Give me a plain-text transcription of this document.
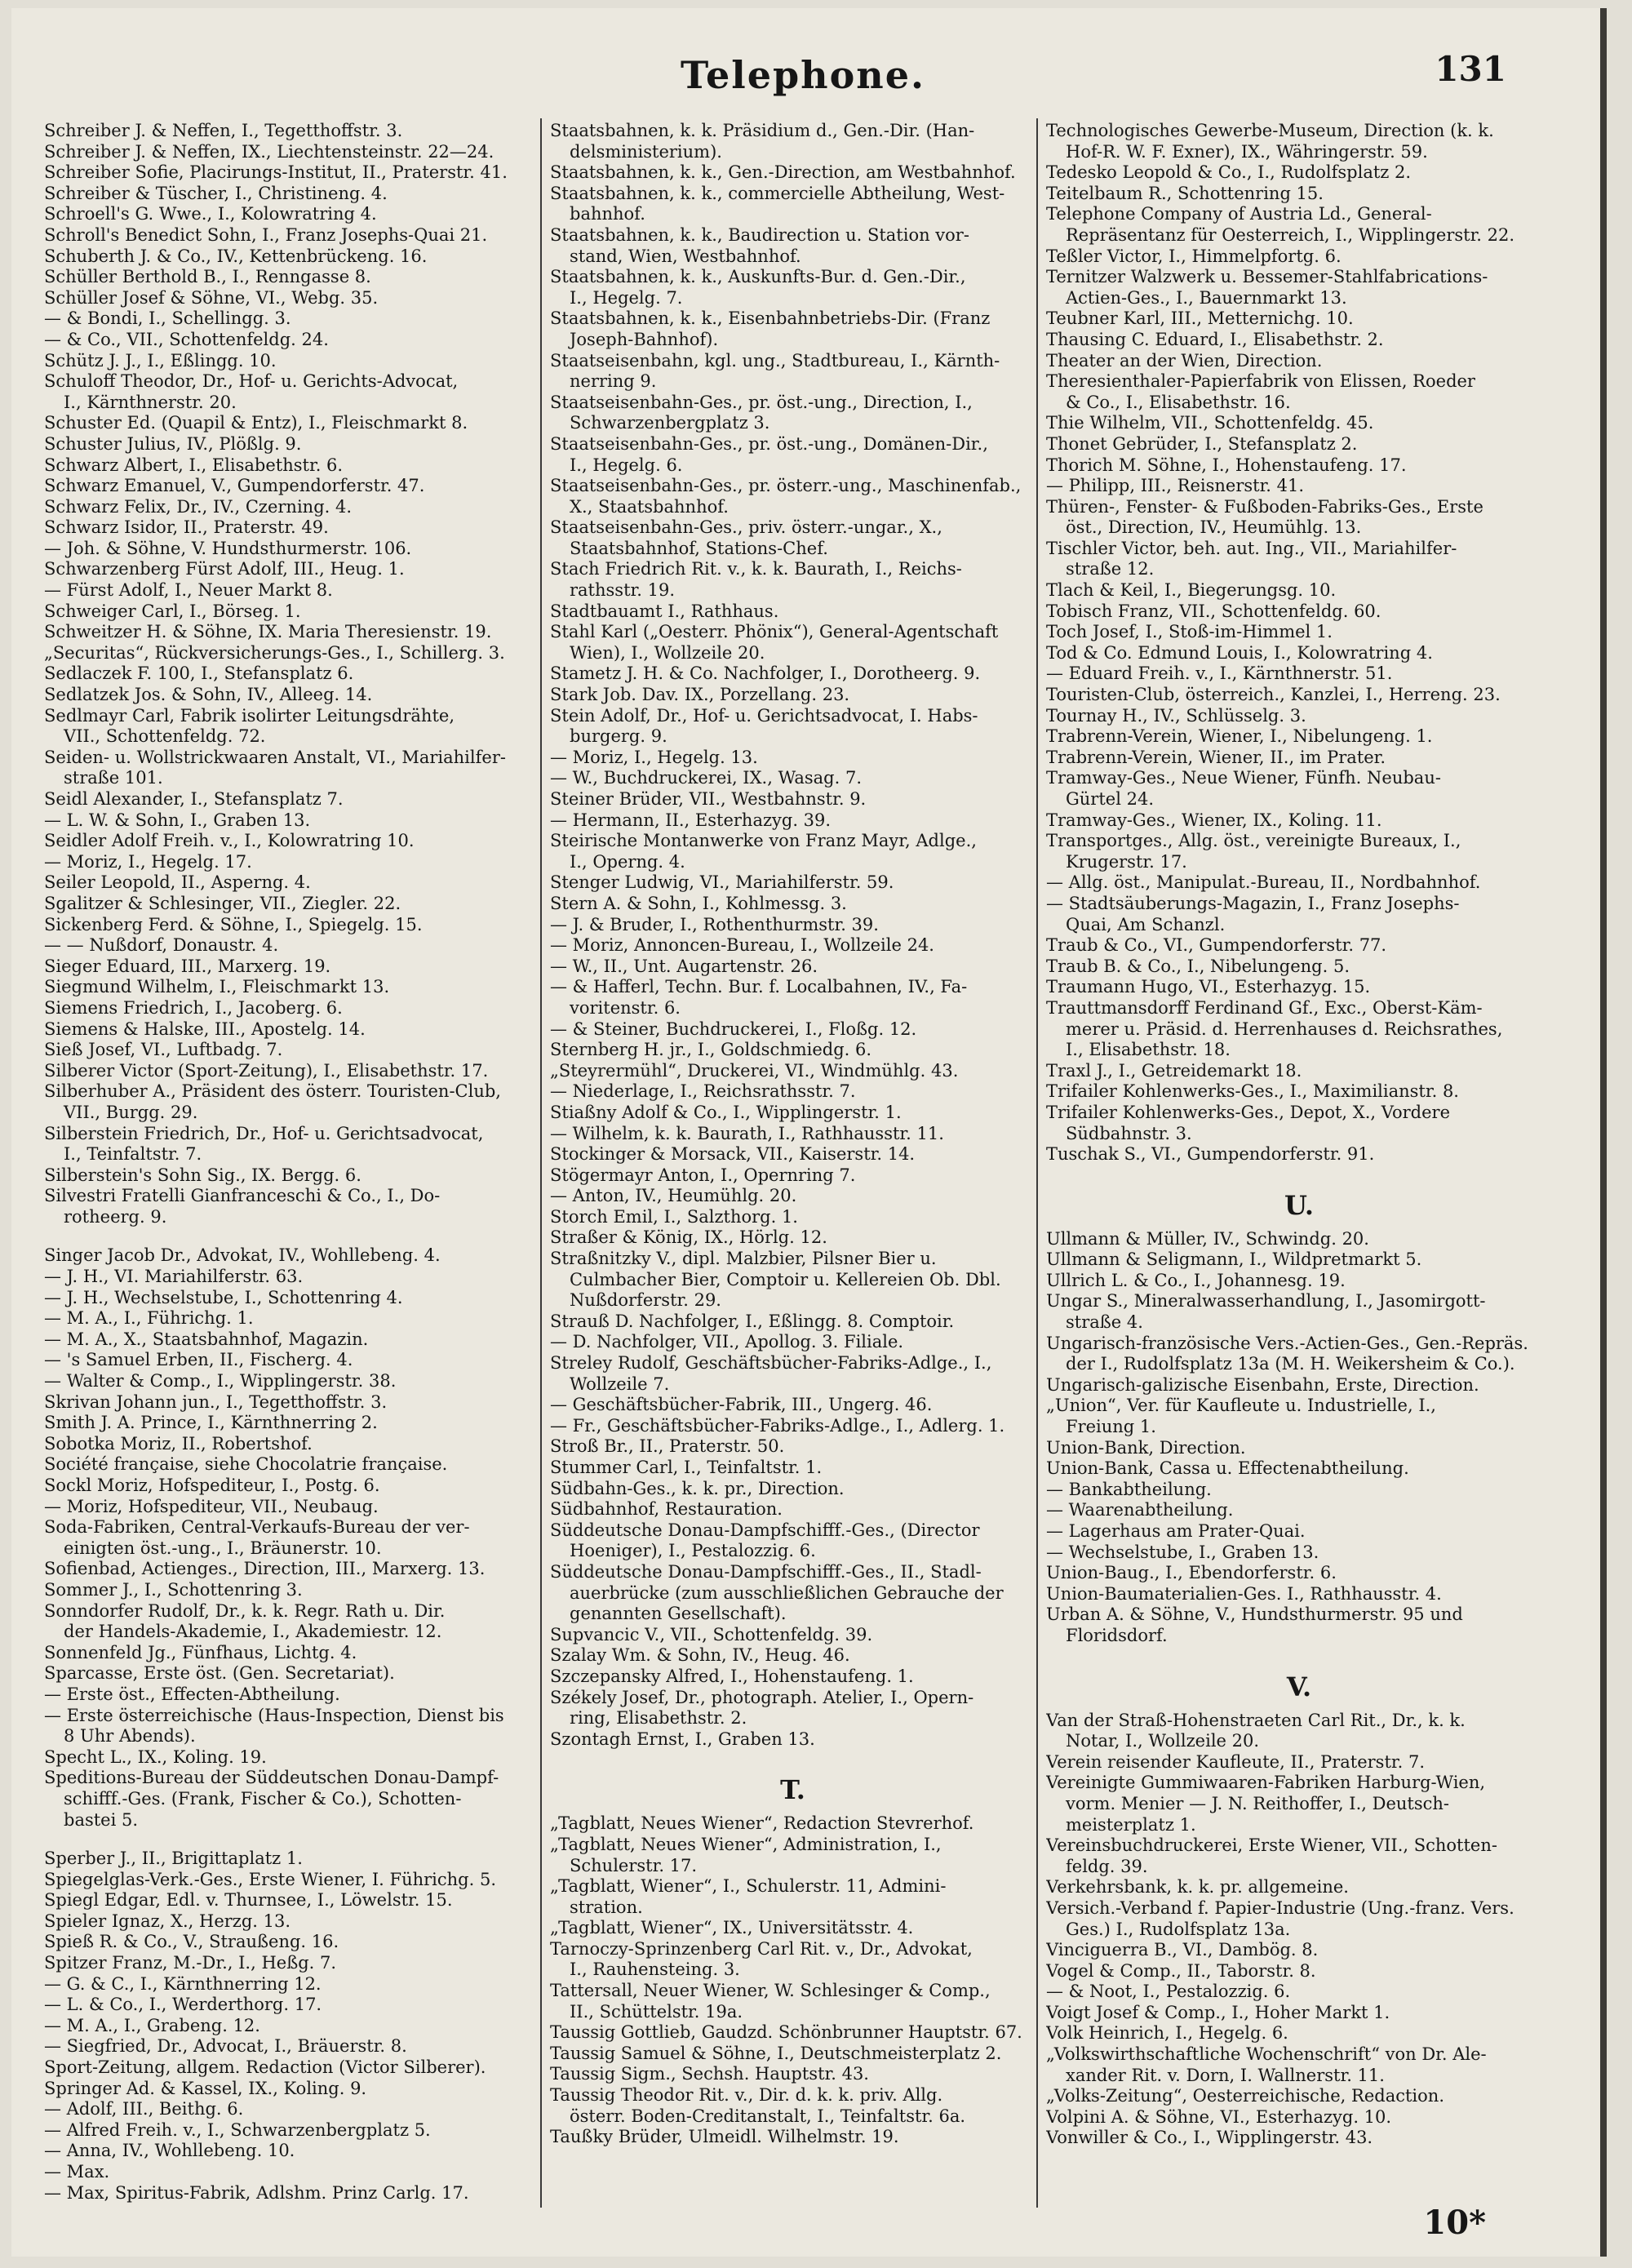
Telephone.	131
Schreiber J. & Neffen, I., Tegetthoffstr. 3.
Schreiber J. & Neffen, IX., Liechtensteinstr. 22—24.
Schreiber Sofie, Placirungs-Institut, II., Praterstr. 41.
Schreiber & Tüscher, I., Christineng. 4.
Schroell's G. Wwe., I., Kolowratring 4.
Schroll's Benedict Sohn, I., Franz Josephs-Quai 21.
Schuberth J. & Co., IV., Kettenbrückeng. 16.
Schüller Berthold B., I., Renngasse 8.
Schüller Josef & Söhne, VI., Webg. 35.
— & Bondi, I., Schellingg. 3.
— & Co., VII., Schottenfeldg. 24.
Schütz J. J., I., Eßlingg. 10.
Schuloff Theodor, Dr., Hof- u. Gerichts-Advocat,
I., Kärnthnerstr. 20.
Schuster Ed. (Quapil & Entz), I., Fleischmarkt 8.
Schuster Julius, IV., Plößlg. 9.
Schwarz Albert, I., Elisabethstr. 6.
Schwarz Emanuel, V., Gumpendorferstr. 47.
Schwarz Felix, Dr., IV., Czerning. 4.
Schwarz Isidor, II., Praterstr. 49.
— Joh. & Söhne, V. Hundsthurmerstr. 106.
Schwarzenberg Fürst Adolf, III., Heug. 1.
— Fürst Adolf, I., Neuer Markt 8.
Schweiger Carl, I., Börseg. 1.
Schweitzer H. & Söhne, IX. Maria Theresienstr. 19.
„Securitas“, Rückversicherungs-Ges., I., Schillerg. 3.
Sedlaczek F. 100, I., Stefansplatz 6.
Sedlatzek Jos. & Sohn, IV., Alleeg. 14.
Sedlmayr Carl, Fabrik isolirter Leitungsdrähte,
VII., Schottenfeldg. 72.
Seiden- u. Wollstrickwaaren Anstalt, VI., Mariahilfer-
straße 101.
Seidl Alexander, I., Stefansplatz 7.
— L. W. & Sohn, I., Graben 13.
Seidler Adolf Freih. v., I., Kolowratring 10.
— Moriz, I., Hegelg. 17.
Seiler Leopold, II., Asperng. 4.
Sgalitzer & Schlesinger, VII., Ziegler. 22.
Sickenberg Ferd. & Söhne, I., Spiegelg. 15.
— — Nußdorf, Donaustr. 4.
Sieger Eduard, III., Marxerg. 19.
Siegmund Wilhelm, I., Fleischmarkt 13.
Siemens Friedrich, I., Jacoberg. 6.
Siemens & Halske, III., Apostelg. 14.
Sieß Josef, VI., Luftbadg. 7.
Silberer Victor (Sport-Zeitung), I., Elisabethstr. 17.
Silberhuber A., Präsident des österr. Touristen-Club,
VII., Burgg. 29.
Silberstein Friedrich, Dr., Hof- u. Gerichtsadvocat,
I., Teinfaltstr. 7.
Silberstein's Sohn Sig., IX. Bergg. 6.
Silvestri Fratelli Gianfranceschi & Co., I., Do-
rotheerg. 9.
Singer Jacob Dr., Advokat, IV., Wohllebeng. 4.
— J. H., VI. Mariahilferstr. 63.
— J. H., Wechselstube, I., Schottenring 4.
— M. A., I., Führichg. 1.
— M. A., X., Staatsbahnhof, Magazin.
— 's Samuel Erben, II., Fischerg. 4.
— Walter & Comp., I., Wipplingerstr. 38.
Skrivan Johann jun., I., Tegetthoffstr. 3.
Smith J. A. Prince, I., Kärnthnerring 2.
Sobotka Moriz, II., Robertshof.
Société française, siehe Chocolatrie française.
Sockl Moriz, Hofspediteur, I., Postg. 6.
— Moriz, Hofspediteur, VII., Neubaug.
Soda-Fabriken, Central-Verkaufs-Bureau der ver-
einigten öst.-ung., I., Bräunerstr. 10.
Sofienbad, Actienges., Direction, III., Marxerg. 13.
Sommer J., I., Schottenring 3.
Sonndorfer Rudolf, Dr., k. k. Regr. Rath u. Dir.
der Handels-Akademie, I., Akademiestr. 12.
Sonnenfeld Jg., Fünfhaus, Lichtg. 4.
Sparcasse, Erste öst. (Gen. Secretariat).
— Erste öst., Effecten-Abtheilung.
— Erste österreichische (Haus-Inspection, Dienst bis
8 Uhr Abends).
Specht L., IX., Koling. 19.
Speditions-Bureau der Süddeutschen Donau-Dampf-
schifff.-Ges. (Frank, Fischer & Co.), Schotten-
bastei 5.
Sperber J., II., Brigittaplatz 1.
Spiegelglas-Verk.-Ges., Erste Wiener, I. Führichg. 5.
Spiegl Edgar, Edl. v. Thurnsee, I., Löwelstr. 15.
Spieler Ignaz, X., Herzg. 13.
Spieß R. & Co., V., Straußeng. 16.
Spitzer Franz, M.-Dr., I., Heßg. 7.
— G. & C., I., Kärnthnerring 12.
— L. & Co., I., Werderthorg. 17.
— M. A., I., Grabeng. 12.
— Siegfried, Dr., Advocat, I., Bräuerstr. 8.
Sport-Zeitung, allgem. Redaction (Victor Silberer).
Springer Ad. & Kassel, IX., Koling. 9.
— Adolf, III., Beithg. 6.
— Alfred Freih. v., I., Schwarzenbergplatz 5.
— Anna, IV., Wohllebeng. 10.
— Max.
— Max, Spiritus-Fabrik, Adlshm. Prinz Carlg. 17.
Staatsbahnen, k. k. Präsidium d., Gen.-Dir. (Han-
delsministerium).
Staatsbahnen, k. k., Gen.-Direction, am Westbahnhof.
Staatsbahnen, k. k., commercielle Abtheilung, West-
bahnhof.
Staatsbahnen, k. k., Baudirection u. Station vor-
stand, Wien, Westbahnhof.
Staatsbahnen, k. k., Auskunfts-Bur. d. Gen.-Dir.,
I., Hegelg. 7.
Staatsbahnen, k. k., Eisenbahnbetriebs-Dir. (Franz
Joseph-Bahnhof).
Staatseisenbahn, kgl. ung., Stadtbureau, I., Kärnth-
nerring 9.
Staatseisenbahn-Ges., pr. öst.-ung., Direction, I.,
Schwarzenbergplatz 3.
Staatseisenbahn-Ges., pr. öst.-ung., Domänen-Dir.,
I., Hegelg. 6.
Staatseisenbahn-Ges., pr. österr.-ung., Maschinenfab.,
X., Staatsbahnhof.
Staatseisenbahn-Ges., priv. österr.-ungar., X.,
Staatsbahnhof, Stations-Chef.
Stach Friedrich Rit. v., k. k. Baurath, I., Reichs-
rathsstr. 19.
Stadtbauamt I., Rathhaus.
Stahl Karl („Oesterr. Phönix“), General-Agentschaft
Wien), I., Wollzeile 20.
Stametz J. H. & Co. Nachfolger, I., Dorotheerg. 9.
Stark Job. Dav. IX., Porzellang. 23.
Stein Adolf, Dr., Hof- u. Gerichtsadvocat, I. Habs-
burgerg. 9.
— Moriz, I., Hegelg. 13.
— W., Buchdruckerei, IX., Wasag. 7.
Steiner Brüder, VII., Westbahnstr. 9.
— Hermann, II., Esterhazyg. 39.
Steirische Montanwerke von Franz Mayr, Adlge.,
I., Operng. 4.
Stenger Ludwig, VI., Mariahilferstr. 59.
Stern A. & Sohn, I., Kohlmessg. 3.
— J. & Bruder, I., Rothenthurmstr. 39.
— Moriz, Annoncen-Bureau, I., Wollzeile 24.
— W., II., Unt. Augartenstr. 26.
— & Hafferl, Techn. Bur. f. Localbahnen, IV., Fa-
voritenstr. 6.
— & Steiner, Buchdruckerei, I., Floßg. 12.
Sternberg H. jr., I., Goldschmiedg. 6.
„Steyrermühl“, Druckerei, VI., Windmühlg. 43.
— Niederlage, I., Reichsrathsstr. 7.
Stiaßny Adolf & Co., I., Wipplingerstr. 1.
— Wilhelm, k. k. Baurath, I., Rathhausstr. 11.
Stockinger & Morsack, VII., Kaiserstr. 14.
Stögermayr Anton, I., Opernring 7.
— Anton, IV., Heumühlg. 20.
Storch Emil, I., Salzthorg. 1.
Straßer & König, IX., Hörlg. 12.
Straßnitzky V., dipl. Malzbier, Pilsner Bier u.
Culmbacher Bier, Comptoir u. Kellereien Ob. Dbl.
Nußdorferstr. 29.
Strauß D. Nachfolger, I., Eßlingg. 8. Comptoir.
— D. Nachfolger, VII., Apollog. 3. Filiale.
Streley Rudolf, Geschäftsbücher-Fabriks-Adlge., I.,
Wollzeile 7.
— Geschäftsbücher-Fabrik, III., Ungerg. 46.
— Fr., Geschäftsbücher-Fabriks-Adlge., I., Adlerg. 1.
Stroß Br., II., Praterstr. 50.
Stummer Carl, I., Teinfaltstr. 1.
Südbahn-Ges., k. k. pr., Direction.
Südbahnhof, Restauration.
Süddeutsche Donau-Dampfschifff.-Ges., (Director
Hoeniger), I., Pestalozzig. 6.
Süddeutsche Donau-Dampfschifff.-Ges., II., Stadl-
auerbrücke (zum ausschließlichen Gebrauche der
genannten Gesellschaft).
Supvancic V., VII., Schottenfeldg. 39.
Szalay Wm. & Sohn, IV., Heug. 46.
Szczepansky Alfred, I., Hohenstaufeng. 1.
Székely Josef, Dr., photograph. Atelier, I., Opern-
ring, Elisabethstr. 2.
Szontagh Ernst, I., Graben 13.
T.
„Tagblatt, Neues Wiener“, Redaction Stevrerhof.
„Tagblatt, Neues Wiener“, Administration, I.,
Schulerstr. 17.
„Tagblatt, Wiener“, I., Schulerstr. 11, Admini-
stration.
„Tagblatt, Wiener“, IX., Universitätsstr. 4.
Tarnoczy-Sprinzenberg Carl Rit. v., Dr., Advokat,
I., Rauhensteing. 3.
Tattersall, Neuer Wiener, W. Schlesinger & Comp.,
II., Schüttelstr. 19a.
Taussig Gottlieb, Gaudzd. Schönbrunner Hauptstr. 67.
Taussig Samuel & Söhne, I., Deutschmeisterplatz 2.
Taussig Sigm., Sechsh. Hauptstr. 43.
Taussig Theodor Rit. v., Dir. d. k. k. priv. Allg.
österr. Boden-Creditanstalt, I., Teinfaltstr. 6a.
Taußky Brüder, Ulmeidl. Wilhelmstr. 19.
Technologisches Gewerbe-Museum, Direction (k. k.
Hof-R. W. F. Exner), IX., Währingerstr. 59.
Tedesko Leopold & Co., I., Rudolfsplatz 2.
Teitelbaum R., Schottenring 15.
Telephone Company of Austria Ld., General-
Repräsentanz für Oesterreich, I., Wipplingerstr. 22.
Teßler Victor, I., Himmelpfortg. 6.
Ternitzer Walzwerk u. Bessemer-Stahlfabrications-
Actien-Ges., I., Bauernmarkt 13.
Teubner Karl, III., Metternichg. 10.
Thausing C. Eduard, I., Elisabethstr. 2.
Theater an der Wien, Direction.
Theresienthaler-Papierfabrik von Elissen, Roeder
& Co., I., Elisabethstr. 16.
Thie Wilhelm, VII., Schottenfeldg. 45.
Thonet Gebrüder, I., Stefansplatz 2.
Thorich M. Söhne, I., Hohenstaufeng. 17.
— Philipp, III., Reisnerstr. 41.
Thüren-, Fenster- & Fußboden-Fabriks-Ges., Erste
öst., Direction, IV., Heumühlg. 13.
Tischler Victor, beh. aut. Ing., VII., Mariahilfer-
straße 12.
Tlach & Keil, I., Biegerungsg. 10.
Tobisch Franz, VII., Schottenfeldg. 60.
Toch Josef, I., Stoß-im-Himmel 1.
Tod & Co. Edmund Louis, I., Kolowratring 4.
— Eduard Freih. v., I., Kärnthnerstr. 51.
Touristen-Club, österreich., Kanzlei, I., Herreng. 23.
Tournay H., IV., Schlüsselg. 3.
Trabrenn-Verein, Wiener, I., Nibelungeng. 1.
Trabrenn-Verein, Wiener, II., im Prater.
Tramway-Ges., Neue Wiener, Fünfh. Neubau-
Gürtel 24.
Tramway-Ges., Wiener, IX., Koling. 11.
Transportges., Allg. öst., vereinigte Bureaux, I.,
Krugerstr. 17.
— Allg. öst., Manipulat.-Bureau, II., Nordbahnhof.
— Stadtsäuberungs-Magazin, I., Franz Josephs-
Quai, Am Schanzl.
Traub & Co., VI., Gumpendorferstr. 77.
Traub B. & Co., I., Nibelungeng. 5.
Traumann Hugo, VI., Esterhazyg. 15.
Trauttmansdorff Ferdinand Gf., Exc., Oberst-Käm-
merer u. Präsid. d. Herrenhauses d. Reichsrathes,
I., Elisabethstr. 18.
Traxl J., I., Getreidemarkt 18.
Trifailer Kohlenwerks-Ges., I., Maximilianstr. 8.
Trifailer Kohlenwerks-Ges., Depot, X., Vordere
Südbahnstr. 3.
Tuschak S., VI., Gumpendorferstr. 91.
U.
Ullmann & Müller, IV., Schwindg. 20.
Ullmann & Seligmann, I., Wildpretmarkt 5.
Ullrich L. & Co., I., Johannesg. 19.
Ungar S., Mineralwasserhandlung, I., Jasomirgott-
straße 4.
Ungarisch-französische Vers.-Actien-Ges., Gen.-Repräs.
der I., Rudolfsplatz 13a (M. H. Weikersheim & Co.).
Ungarisch-galizische Eisenbahn, Erste, Direction.
„Union“, Ver. für Kaufleute u. Industrielle, I.,
Freiung 1.
Union-Bank, Direction.
Union-Bank, Cassa u. Effectenabtheilung.
— Bankabtheilung.
— Waarenabtheilung.
— Lagerhaus am Prater-Quai.
— Wechselstube, I., Graben 13.
Union-Baug., I., Ebendorferstr. 6.
Union-Baumaterialien-Ges. I., Rathhausstr. 4.
Urban A. & Söhne, V., Hundsthurmerstr. 95 und
Floridsdorf.
V.
Van der Straß-Hohenstraeten Carl Rit., Dr., k. k.
Notar, I., Wollzeile 20.
Verein reisender Kaufleute, II., Praterstr. 7.
Vereinigte Gummiwaaren-Fabriken Harburg-Wien,
vorm. Menier — J. N. Reithoffer, I., Deutsch-
meisterplatz 1.
Vereinsbuchdruckerei, Erste Wiener, VII., Schotten-
feldg. 39.
Verkehrsbank, k. k. pr. allgemeine.
Versich.-Verband f. Papier-Industrie (Ung.-franz. Vers.
Ges.) I., Rudolfsplatz 13a.
Vinciguerra B., VI., Dambög. 8.
Vogel & Comp., II., Taborstr. 8.
— & Noot, I., Pestalozzig. 6.
Voigt Josef & Comp., I., Hoher Markt 1.
Volk Heinrich, I., Hegelg. 6.
„Volkswirthschaftliche Wochenschrift“ von Dr. Ale-
xander Rit. v. Dorn, I. Wallnerstr. 11.
„Volks-Zeitung“, Oesterreichische, Redaction.
Volpini A. & Söhne, VI., Esterhazyg. 10.
Vonwiller & Co., I., Wipplingerstr. 43.
10*
